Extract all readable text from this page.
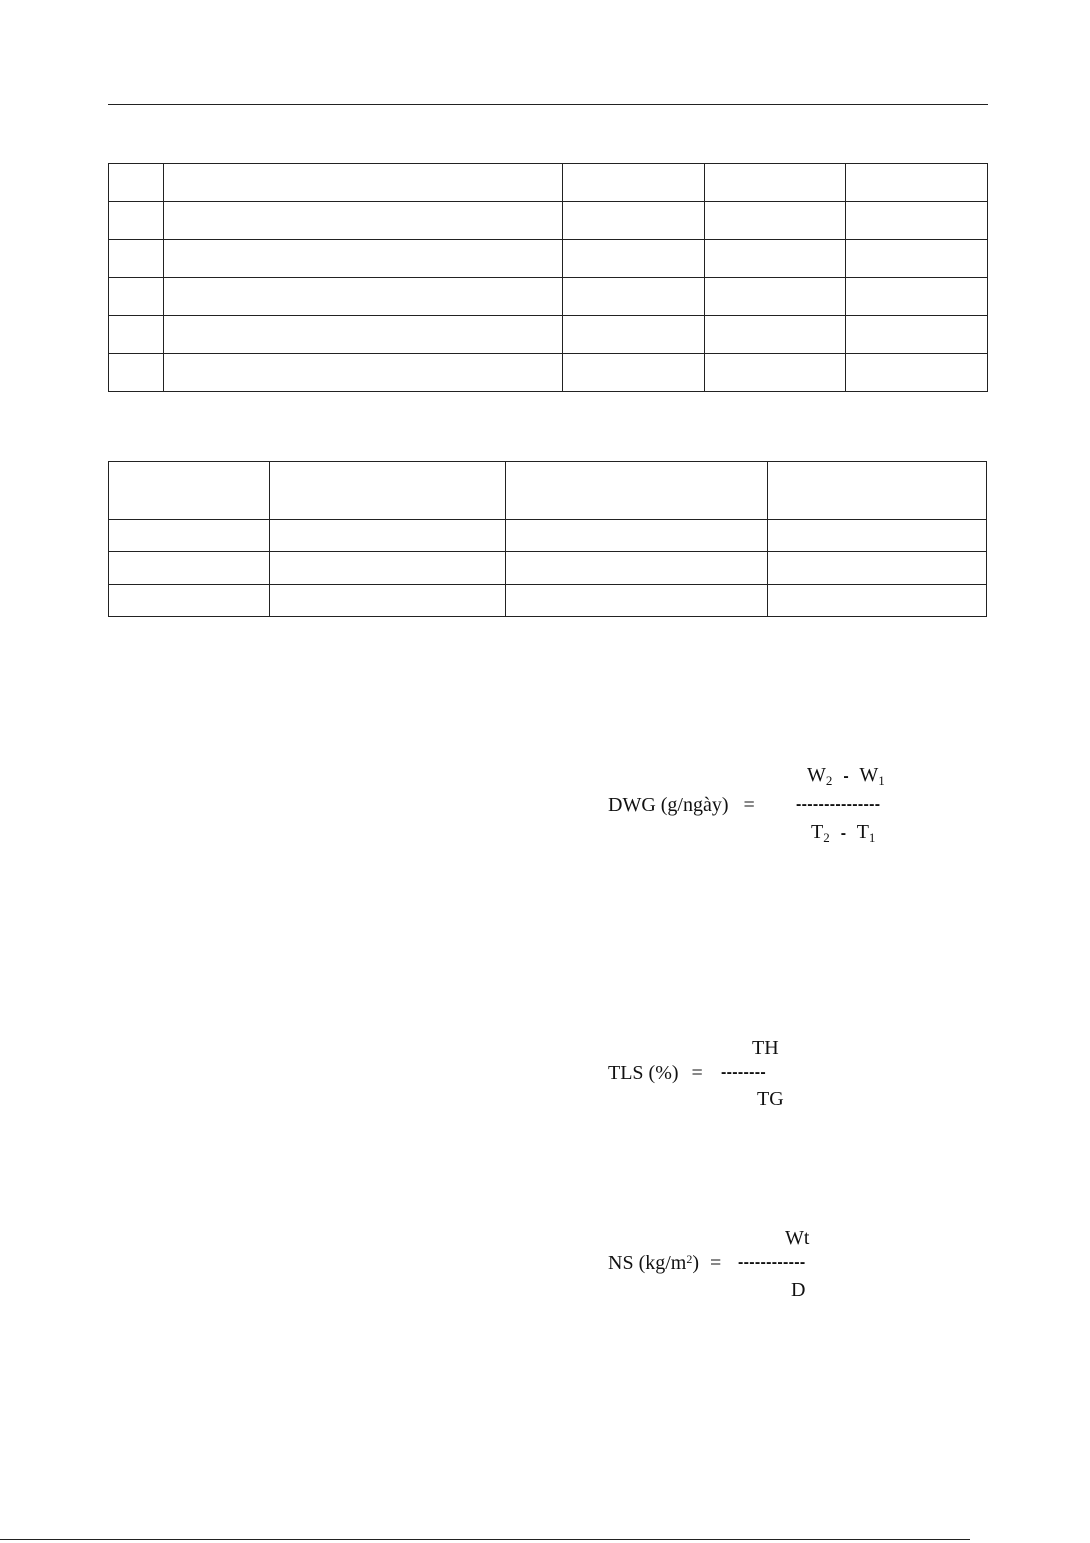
$W_2 - W_1$
DWG (g/ngày) =	---------------
$T_2 - T_1$
TH
TLS (%) = --------
TG
Wt
NS $(kg/m^2)$ = ------------
D
